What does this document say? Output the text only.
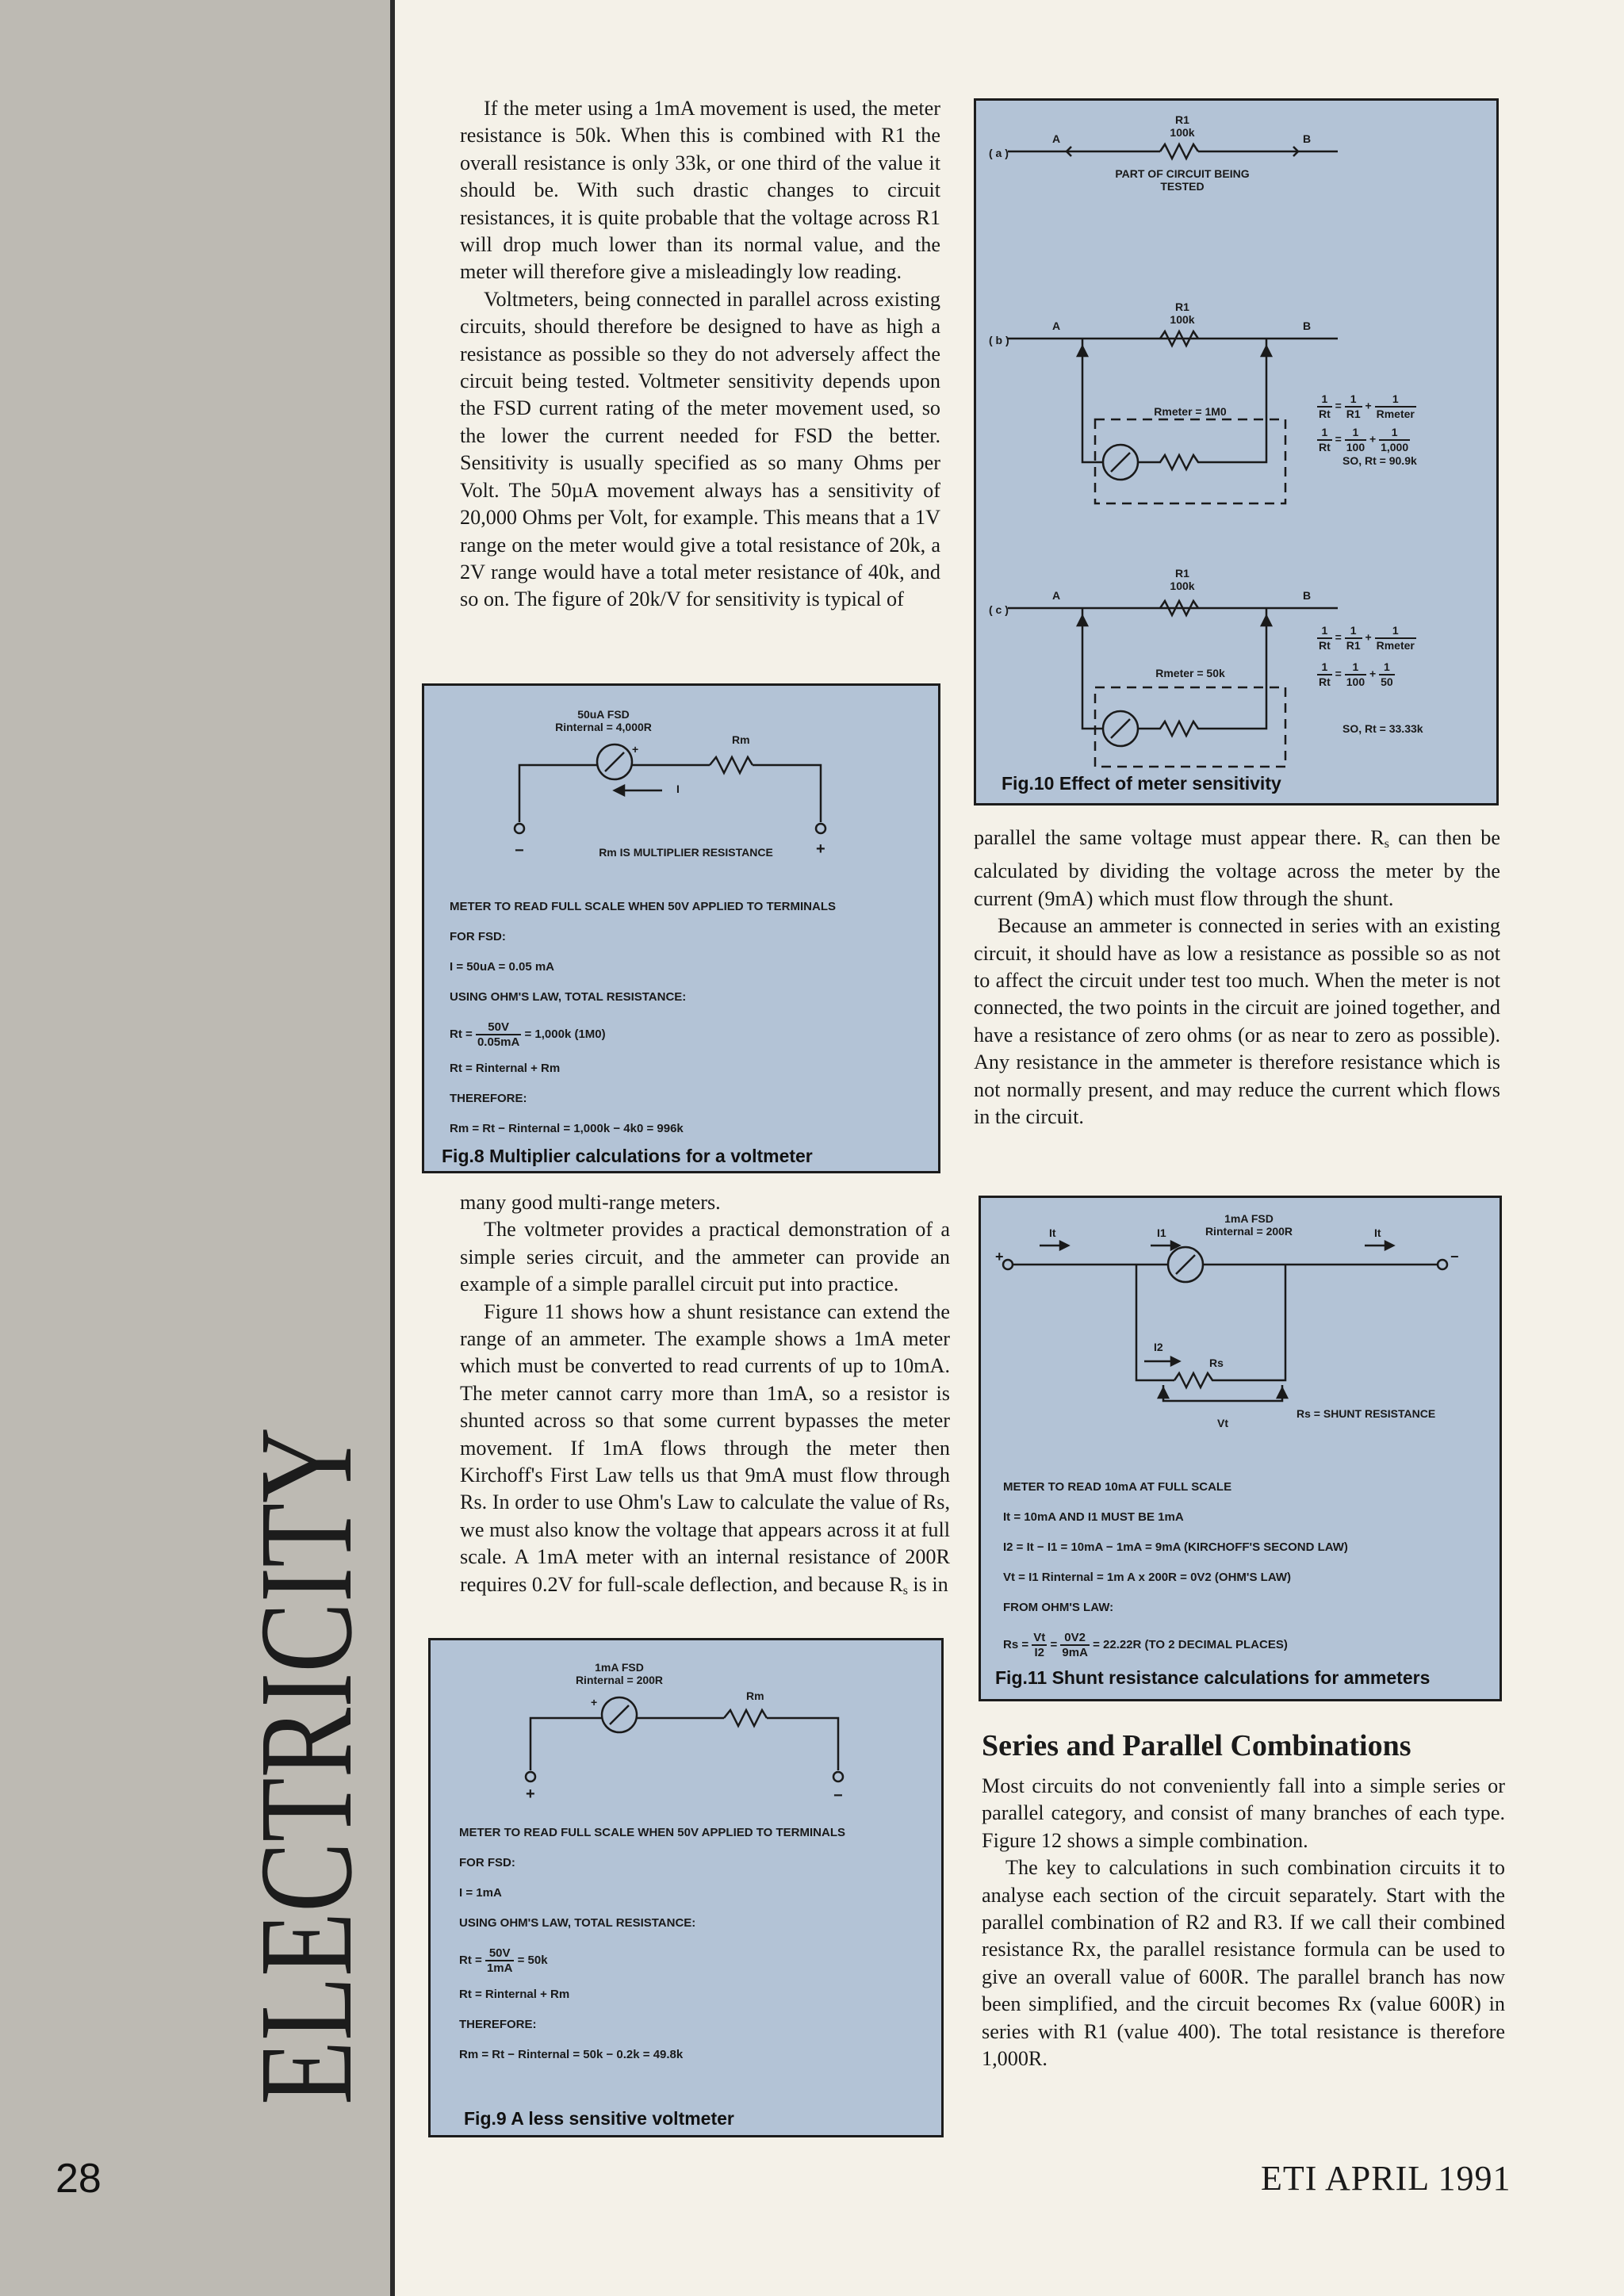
ELECTRICITY
28	ETI APRIL 1991

If the meter using a 1mA movement is used, the meter resistance is 50k. When this is combined with R1 the overall resistance is only 33k, or one third of the value it should be. With such drastic changes to circuit resistances, it is quite probable that the voltage across R1 will drop much lower than its normal value, and the meter will therefore give a misleadingly low reading.

Voltmeters, being connected in parallel across existing circuits, should therefore be designed to have as high a resistance as possible so they do not adversely affect the circuit being tested. Voltmeter sensitivity depends upon the FSD current rating of the meter movement used, so the lower the current needed for FSD the better. Sensitivity is usually specified as so many Ohms per Volt. The 50µA movement always has a sensitivity of 20,000 Ohms per Volt, for example. This means that a 1V range on the meter would give a total resistance of 20k, a 2V range would have a total meter resistance of 40k, and so on. The figure of 20k/V for sensitivity is typical of

50uA FSD
Rinternal = 4,000R
+
Rm
I
−	+
Rm IS MULTIPLIER RESISTANCE
METER TO READ FULL SCALE WHEN 50V APPLIED TO TERMINALS
FOR FSD:
I = 50uA = 0.05 mA
USING OHM'S LAW, TOTAL RESISTANCE:
$Rt = \frac{50V}{0.05mA} = 1,000k$ (1M0)
Rt = Rinternal + Rm
THEREFORE:
Rm = Rt − Rinternal = 1,000k − 4k0 = 996k
Fig.8 Multiplier calculations for a voltmeter

many good multi-range meters.

The voltmeter provides a practical demonstration of a simple series circuit, and the ammeter can provide an example of a simple parallel circuit put into practice.

Figure 11 shows how a shunt resistance can extend the range of an ammeter. The example shows a 1mA meter which must be converted to read currents of up to 10mA. The meter cannot carry more than 1mA, so a resistor is shunted across so that some current bypasses the meter movement. If 1mA flows through the meter then Kirchoff's First Law tells us that 9mA must flow through Rs. In order to use Ohm's Law to calculate the value of Rs, we must also know the voltage that appears across it at full scale. A 1mA meter with an internal resistance of 200R requires 0.2V for full-scale deflection, and because $R_s$ is in

1mA FSD
Rinternal = 200R
+	Rm
+	−
METER TO READ FULL SCALE WHEN 50V APPLIED TO TERMINALS
FOR FSD:
I = 1mA
USING OHM'S LAW, TOTAL RESISTANCE:
$Rt = \frac{50V}{1mA} = 50k$
Rt = Rinternal + Rm
THEREFORE:
Rm = Rt − Rinternal = 50k − 0.2k = 49.8k
Fig.9 A less sensitive voltmeter
( a )
A	B
R1
100k
PART OF CIRCUIT BEING TESTED
( b )
A	B
R1
100k
Rmeter = 1M0	$\frac{1}{Rt} = \frac{1}{R1} + \frac{1}{\text{Rmeter}}$
$\frac{1}{Rt} = \frac{1}{100} + \frac{1}{1,000}$
SO, Rt = 90.9k
( c )
A	B
R1
100k
Rmeter = 50k
$\frac{1}{Rt} = \frac{1}{R1} + \frac{1}{\text{Rmeter}}$
$\frac{1}{Rt} = \frac{1}{100} + \frac{1}{50}$
SO, Rt = 33.33k
Fig.10 Effect of meter sensitivity

parallel the same voltage must appear there. $R_s$ can then be calculated by dividing the voltage across the meter by the current (9mA) which must flow through the shunt.

Because an ammeter is connected in series with an existing circuit, it should have as low a resistance as possible so as not to affect the circuit under test too much. When the meter is not connected, the two points in the circuit are joined together, and have a resistance of zero ohms (or as near to zero as possible). Any resistance in the ammeter is therefore resistance which is not normally present, and may reduce the current which flows in the circuit.

+	−
It	I1	It
1mA FSD
Rinternal = 200R
I2
Rs
Vt
Rs = SHUNT RESISTANCE
METER TO READ 10mA AT FULL SCALE
It = 10mA AND I1 MUST BE 1mA
I2 = It − I1 = 10mA − 1mA = 9mA (KIRCHOFF'S SECOND LAW)
Vt = I1 Rinternal = 1m A x 200R = 0V2 (OHM'S LAW)
FROM OHM'S LAW:
$Rs = \frac{Vt}{I2} = \frac{0V2}{9mA} = 22.22R$ (TO 2 DECIMAL PLACES)
Fig.11 Shunt resistance calculations for ammeters
Series and Parallel Combinations

Most circuits do not conveniently fall into a simple series or parallel category, and consist of many branches of each type. Figure 12 shows a simple combination.

The key to calculations in such combination circuits it to analyse each section of the circuit separately. Start with the parallel combination of R2 and R3. If we call their combined resistance Rx, the parallel resistance formula can be used to give an overall value of 600R. The parallel branch has now been simplified, and the circuit becomes Rx (value 600R) in series with R1 (value 400). The total resistance is therefore 1,000R.
